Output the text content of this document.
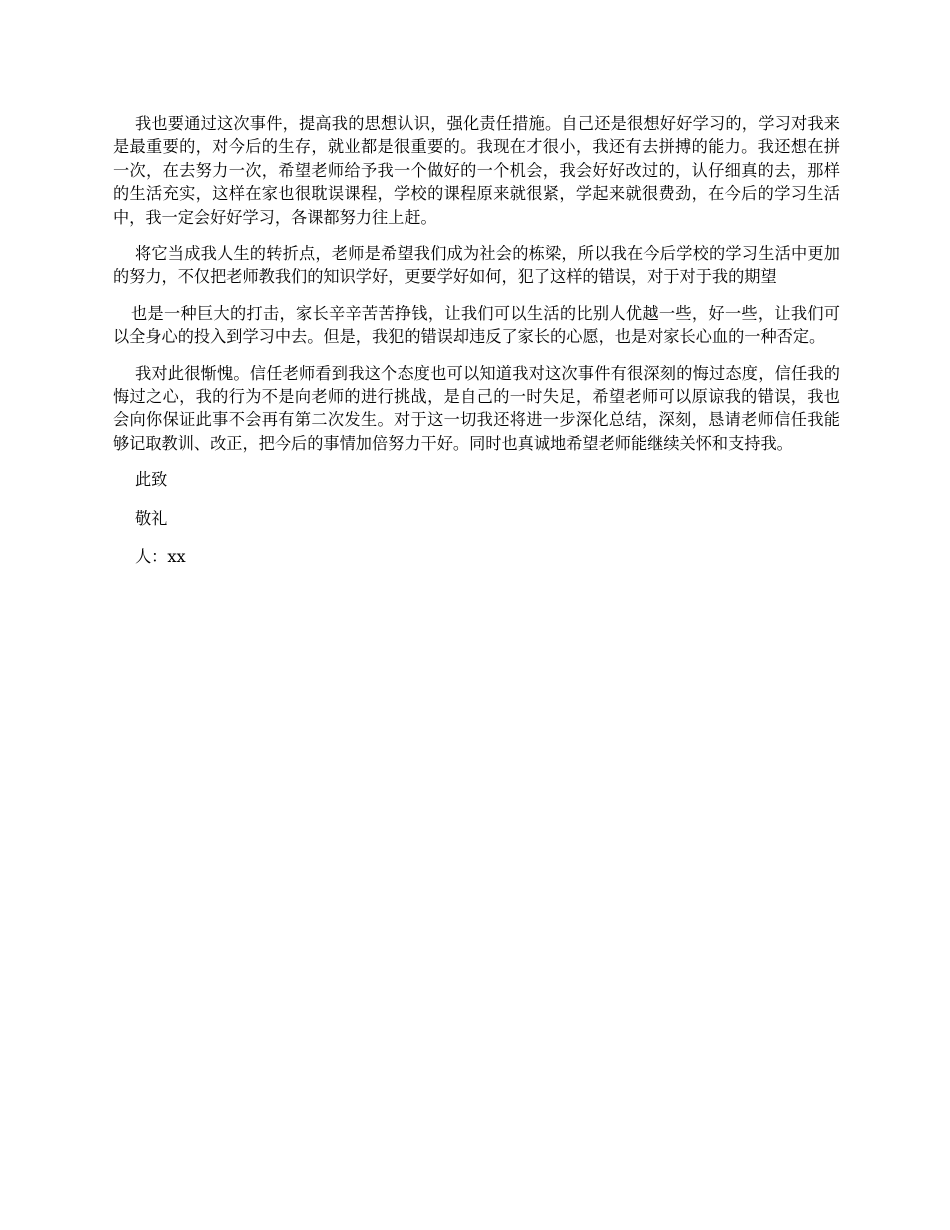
我也要通过这次事件，提高我的思想认识，强化责任措施。自己还是很想好好学习的，学习对我来是最重要的，对今后的生存，就业都是很重要的。我现在才很小，我还有去拼搏的能力。我还想在拼一次，在去努力一次，希望老师给予我一个做好的一个机会，我会好好改过的，认仔细真的去，那样的生活充实，这样在家也很耽误课程，学校的课程原来就很紧，学起来就很费劲，在今后的学习生活中，我一定会好好学习，各课都努力往上赶。

将它当成我人生的转折点，老师是希望我们成为社会的栋梁，所以我在今后学校的学习生活中更加的努力，不仅把老师教我们的知识学好，更要学好如何，犯了这样的错误，对于对于我的期望

也是一种巨大的打击，家长辛辛苦苦挣钱，让我们可以生活的比别人优越一些，好一些，让我们可以全身心的投入到学习中去。但是，我犯的错误却违反了家长的心愿，也是对家长心血的一种否定。

我对此很惭愧。信任老师看到我这个态度也可以知道我对这次事件有很深刻的悔过态度，信任我的悔过之心，我的行为不是向老师的进行挑战，是自己的一时失足，希望老师可以原谅我的错误，我也会向你保证此事不会再有第二次发生。对于这一切我还将进一步深化总结，深刻，恳请老师信任我能够记取教训、改正，把今后的事情加倍努力干好。同时也真诚地希望老师能继续关怀和支持我。

此致

敬礼

人：xx
